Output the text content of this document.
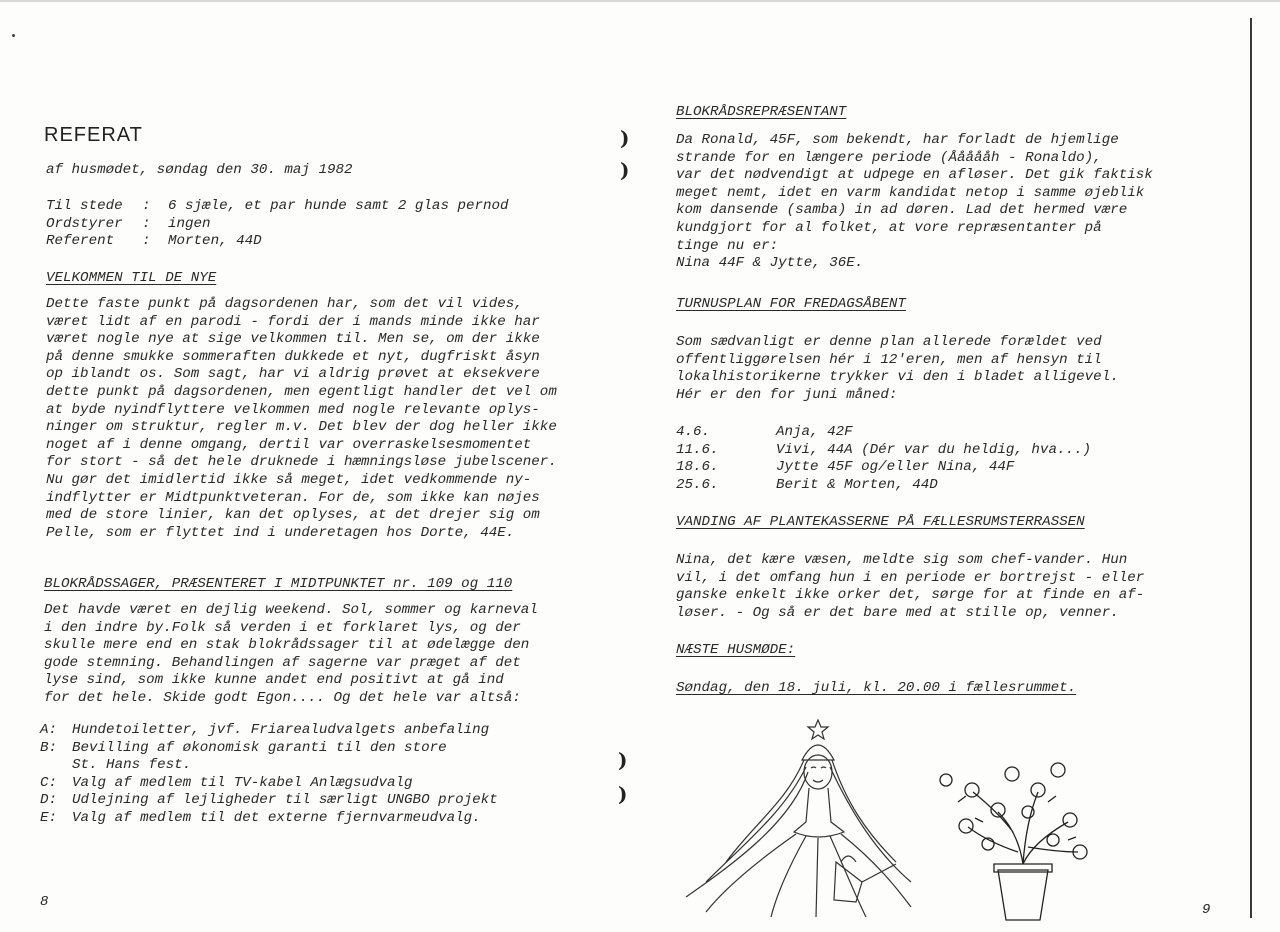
REFERAT
af husmødet, søndag den 30. maj 1982
Til stede	:	6 sjæle, et par hunde samt 2 glas pernod
Ordstyrer	:	ingen
Referent	:	Morten, 44D
VELKOMMEN TIL DE NYE
Dette faste punkt på dagsordenen har, som det vil vides,
været lidt af en parodi - fordi der i mands minde ikke har
været nogle nye at sige velkommen til. Men se, om der ikke
på denne smukke sommeraften dukkede et nyt, dugfriskt åsyn
op iblandt os. Som sagt, har vi aldrig prøvet at eksekvere
dette punkt på dagsordenen, men egentligt handler det vel om
at byde nyindflyttere velkommen med nogle relevante oplys-
ninger om struktur, regler m.v. Det blev der dog heller ikke
noget af i denne omgang, dertil var overraskelsesmomentet
for stort - så det hele druknede i hæmningsløse jubelscener.
Nu gør det imidlertid ikke så meget, idet vedkommende ny-
indflytter er Midtpunktveteran. For de, som ikke kan nøjes
med de store linier, kan det oplyses, at det drejer sig om
Pelle, som er flyttet ind i underetagen hos Dorte, 44E.
BLOKRÅDSSAGER, PRÆSENTERET I MIDTPUNKTET nr. 109 og 110
Det havde været en dejlig weekend. Sol, sommer og karneval
i den indre by.Folk så verden i et forklaret lys, og der
skulle mere end en stak blokrådssager til at ødelægge den
gode stemning. Behandlingen af sagerne var præget af det
lyse sind, som ikke kunne andet end positivt at gå ind
for det hele. Skide godt Egon.... Og det hele var altså:
A:	Hundetoiletter, jvf. Friarealudvalgets anbefaling
B:	Bevilling af økonomisk garanti til den store
St. Hans fest.
C:	Valg af medlem til TV-kabel Anlægsudvalg
D:	Udlejning af lejligheder til særligt UNGBO projekt
E:	Valg af medlem til det externe fjernvarmeudvalg.
8
)
)
)
)
BLOKRÅDSREPRÆSENTANT
Da Ronald, 45F, som bekendt, har forladt de hjemlige
strande for en længere periode (Åååååh - Ronaldo),
var det nødvendigt at udpege en afløser. Det gik faktisk
meget nemt, idet en varm kandidat netop i samme øjeblik
kom dansende (samba) in ad døren. Lad det hermed være
kundgjort for al folket, at vore repræsentanter på
tinge nu er:
Nina 44F & Jytte, 36E.
TURNUSPLAN FOR FREDAGSÅBENT
Som sædvanligt er denne plan allerede forældet ved
offentliggørelsen hér i 12'eren, men af hensyn til
lokalhistorikerne trykker vi den i bladet alligevel.
Hér er den for juni måned:
4.6.	Anja, 42F
11.6.	Vivi, 44A (Dér var du heldig, hva...)
18.6.	Jytte 45F og/eller Nina, 44F
25.6.	Berit & Morten, 44D
VANDING AF PLANTEKASSERNE PÅ FÆLLESRUMSTERRASSEN
Nina, det kære væsen, meldte sig som chef-vander. Hun
vil, i det omfang hun i en periode er bortrejst - eller
ganske enkelt ikke orker det, sørge for at finde en af-
løser. - Og så er det bare med at stille op, venner.
NÆSTE HUSMØDE:
Søndag, den 18. juli, kl. 20.00 i fællesrummet.
9
